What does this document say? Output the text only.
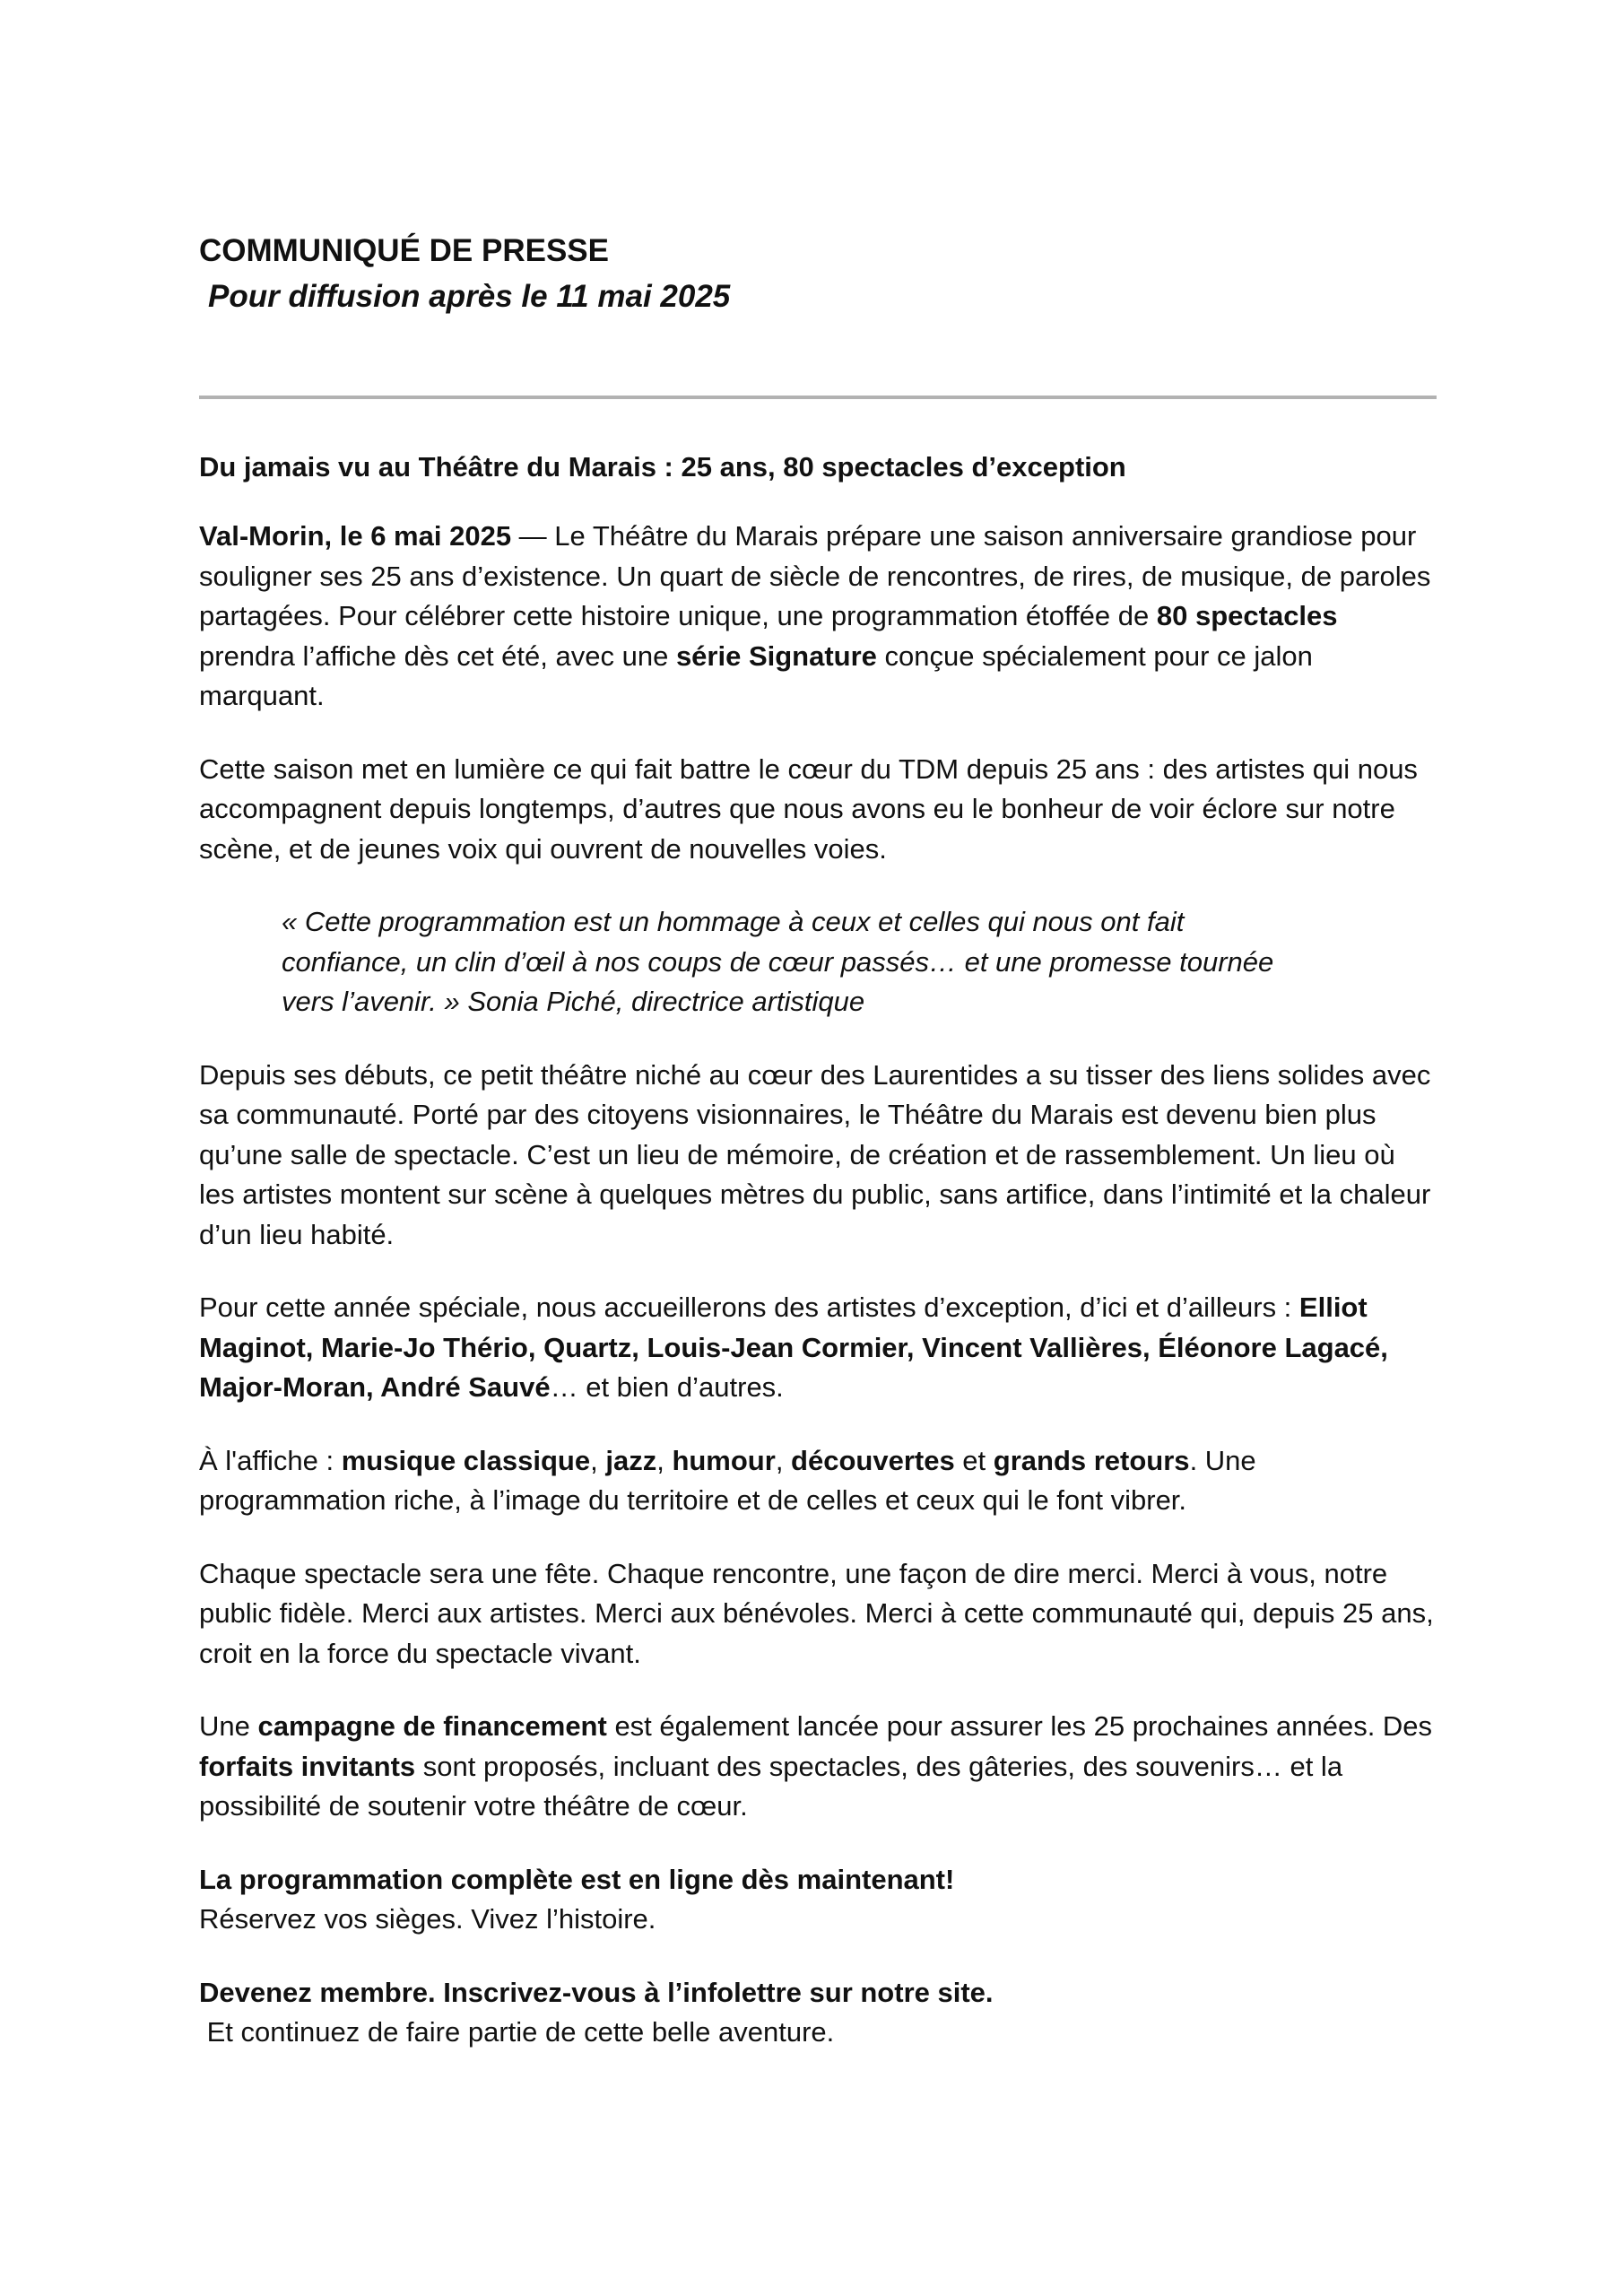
COMMUNIQUÉ DE PRESSE
Pour diffusion après le 11 mai 2025
Du jamais vu au Théâtre du Marais : 25 ans, 80 spectacles d’exception

Val-Morin, le 6 mai 2025 — Le Théâtre du Marais prépare une saison anniversaire grandiose pour souligner ses 25 ans d’existence. Un quart de siècle de rencontres, de rires, de musique, de paroles partagées. Pour célébrer cette histoire unique, une programmation étoffée de 80 spectacles prendra l’affiche dès cet été, avec une série Signature conçue spécialement pour ce jalon marquant.

Cette saison met en lumière ce qui fait battre le cœur du TDM depuis 25 ans : des artistes qui nous accompagnent depuis longtemps, d’autres que nous avons eu le bonheur de voir éclore sur notre scène, et de jeunes voix qui ouvrent de nouvelles voies.

« Cette programmation est un hommage à ceux et celles qui nous ont fait confiance, un clin d’œil à nos coups de cœur passés… et une promesse tournée vers l’avenir. » Sonia Piché, directrice artistique

Depuis ses débuts, ce petit théâtre niché au cœur des Laurentides a su tisser des liens solides avec sa communauté. Porté par des citoyens visionnaires, le Théâtre du Marais est devenu bien plus qu’une salle de spectacle. C’est un lieu de mémoire, de création et de rassemblement. Un lieu où les artistes montent sur scène à quelques mètres du public, sans artifice, dans l’intimité et la chaleur d’un lieu habité.

Pour cette année spéciale, nous accueillerons des artistes d’exception, d’ici et d’ailleurs : Elliot Maginot, Marie-Jo Thério, Quartz, Louis-Jean Cormier, Vincent Vallières, Éléonore Lagacé, Major-Moran, André Sauvé… et bien d’autres.

À l'affiche : musique classique, jazz, humour, découvertes et grands retours. Une programmation riche, à l’image du territoire et de celles et ceux qui le font vibrer.

Chaque spectacle sera une fête. Chaque rencontre, une façon de dire merci. Merci à vous, notre public fidèle. Merci aux artistes. Merci aux bénévoles. Merci à cette communauté qui, depuis 25 ans, croit en la force du spectacle vivant.

Une campagne de financement est également lancée pour assurer les 25 prochaines années. Des forfaits invitants sont proposés, incluant des spectacles, des gâteries, des souvenirs… et la possibilité de soutenir votre théâtre de cœur.

La programmation complète est en ligne dès maintenant!
Réservez vos sièges. Vivez l’histoire.

Devenez membre. Inscrivez-vous à l’infolettre sur notre site.
Et continuez de faire partie de cette belle aventure.
